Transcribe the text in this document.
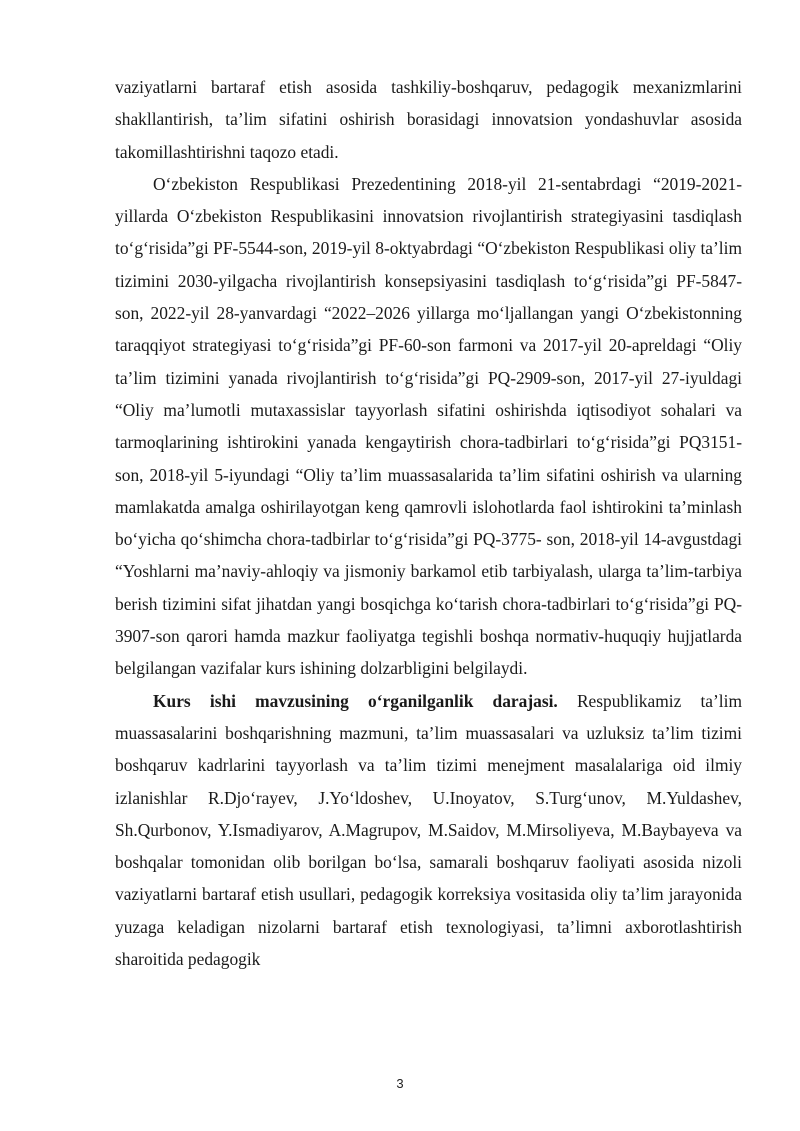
vaziyatlarni bartaraf etish asosida tashkiliy-boshqaruv, pedagogik mexanizmlarini shakllantirish, ta’lim sifatini oshirish borasidagi innovatsion yondashuvlar asosida takomillashtirishni taqozo etadi.

O‘zbekiston Respublikasi Prezedentining 2018-yil 21-sentabrdagi “2019-2021-yillarda O‘zbekiston Respublikasini innovatsion rivojlantirish strategiyasini tasdiqlash to‘g‘risida”gi PF-5544-son, 2019-yil 8-oktyabrdagi “O‘zbekiston Respublikasi oliy ta’lim tizimini 2030-yilgacha rivojlantirish konsepsiyasini tasdiqlash to‘g‘risida”gi PF-5847-son, 2022-yil 28-yanvardagi “2022–2026 yillarga mo‘ljallangan yangi O‘zbekistonning taraqqiyot strategiyasi to‘g‘risida”gi PF-60-son farmoni va 2017-yil 20-apreldagi “Oliy ta’lim tizimini yanada rivojlantirish to‘g‘risida”gi PQ-2909-son, 2017-yil 27-iyuldagi “Oliy ma’lumotli mutaxassislar tayyorlash sifatini oshirishda iqtisodiyot sohalari va tarmoqlarining ishtirokini yanada kengaytirish chora-tadbirlari to‘g‘risida”gi PQ3151-son, 2018-yil 5-iyundagi “Oliy ta’lim muassasalarida ta’lim sifatini oshirish va ularning mamlakatda amalga oshirilayotgan keng qamrovli islohotlarda faol ishtirokini ta’minlash bo‘yicha qo‘shimcha chora-tadbirlar to‘g‘risida”gi PQ-3775- son, 2018-yil 14-avgustdagi “Yoshlarni ma’naviy-ahloqiy va jismoniy barkamol etib tarbiyalash, ularga ta’lim-tarbiya berish tizimini sifat jihatdan yangi bosqichga ko‘tarish chora-tadbirlari to‘g‘risida”gi PQ-3907-son qarori hamda mazkur faoliyatga tegishli boshqa normativ-huquqiy hujjatlarda belgilangan vazifalar kurs ishining dolzarbligini belgilaydi.

Kurs ishi mavzusining o‘rganilganlik darajasi. Respublikamiz ta’lim muassasalarini boshqarishning mazmuni, ta’lim muassasalari va uzluksiz ta’lim tizimi boshqaruv kadrlarini tayyorlash va ta’lim tizimi menejment masalalariga oid ilmiy izlanishlar R.Djo‘rayev, J.Yo‘ldoshev, U.Inoyatov, S.Turg‘unov, M.Yuldashev, Sh.Qurbonov, Y.Ismadiyarov, A.Magrupov, M.Saidov, M.Mirsoliyeva, M.Baybayeva va boshqalar tomonidan olib borilgan bo‘lsa, samarali boshqaruv faoliyati asosida nizoli vaziyatlarni bartaraf etish usullari, pedagogik korreksiya vositasida oliy ta’lim jarayonida yuzaga keladigan nizolarni bartaraf etish texnologiyasi, ta’limni axborotlashtirish sharoitida pedagogik

3
